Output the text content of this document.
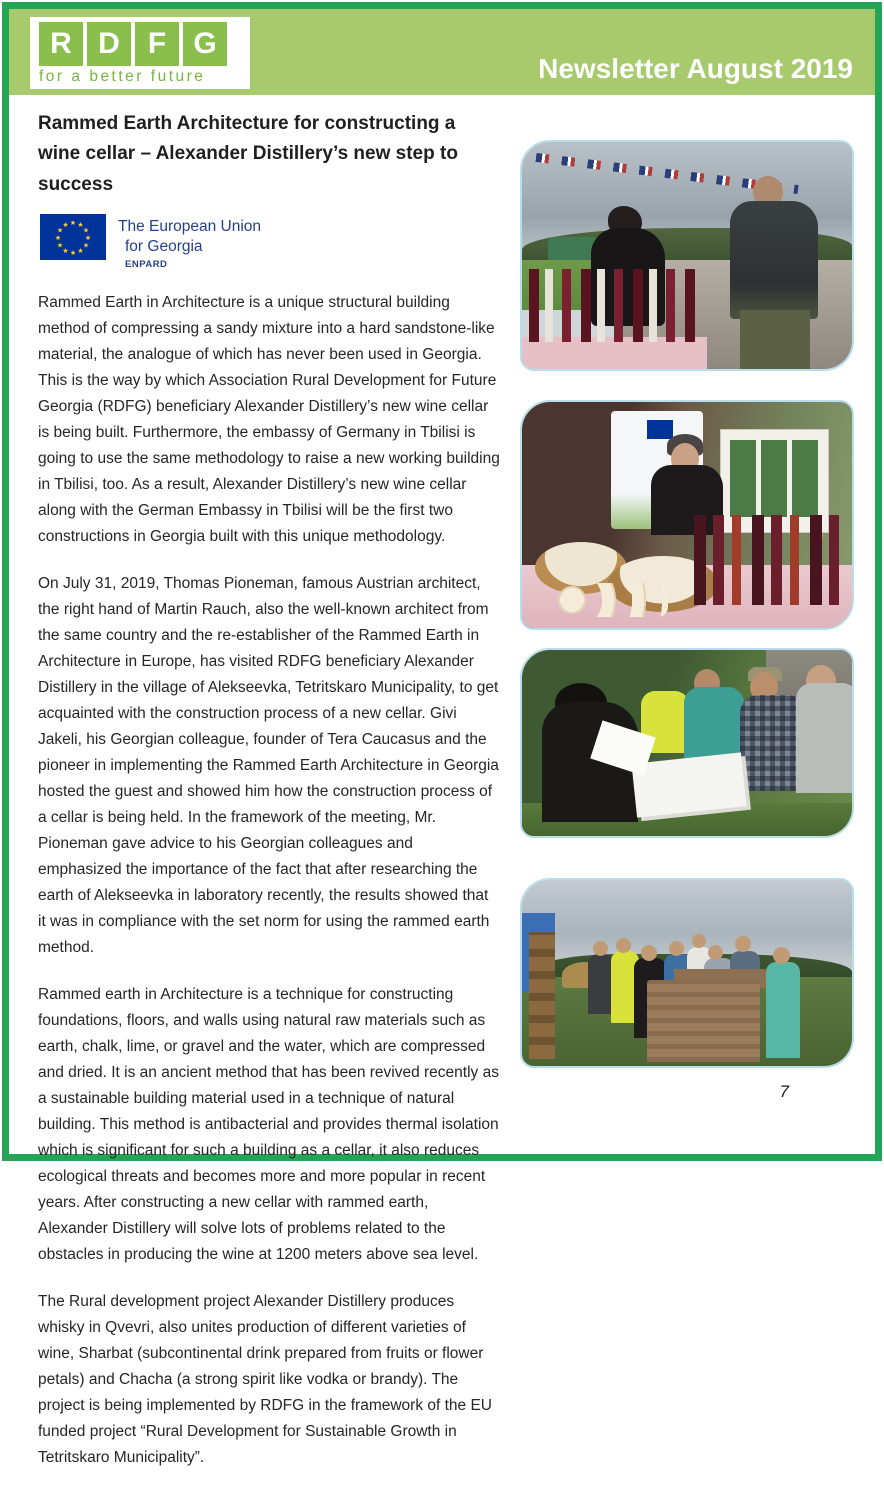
R D F G
for a better future	Newsletter August 2019
Rammed Earth Architecture for constructing a wine cellar – Alexander Distillery’s new step to success
★ ★
★
★
★
★
★
★
★
★
★
★	The European Union
for Georgia
ENPARD

Rammed Earth in Architecture is a unique structural building method of compressing a sandy mixture into a hard sandstone-like material, the analogue of which has never been used in Georgia. This is the way by which Association Rural Development for Future Georgia (RDFG) beneficiary Alexander Distillery’s new wine cellar is being built. Furthermore, the embassy of Germany in Tbilisi is going to use the same methodology to raise a new working building in Tbilisi, too. As a result, Alexander Distillery’s new wine cellar along with the German Embassy in Tbilisi will be the first two constructions in Georgia built with this unique methodology.

On July 31, 2019, Thomas Pioneman, famous Austrian architect, the right hand of Martin Rauch, also the well-known architect from the same country and the re-establisher of the Rammed Earth in Architecture in Europe, has visited RDFG beneficiary Alexander Distillery in the village of Alekseevka, Tetritskaro Municipality, to get acquainted with the construction process of a new cellar. Givi Jakeli, his Georgian colleague, founder of Tera Caucasus and the pioneer in implementing the Rammed Earth Architecture in Georgia hosted the guest and showed him how the construction process of a cellar is being held. In the framework of the meeting, Mr. Pioneman gave advice to his Georgian colleagues and emphasized the importance of the fact that after researching the earth of Alekseevka in laboratory recently, the results showed that it was in compliance with the set norm for using the rammed earth method.

Rammed earth in Architecture is a technique for constructing foundations, floors, and walls using natural raw materials such as earth, chalk, lime, or gravel and the water, which are compressed and dried. It is an ancient method that has been revived recently as a sustainable building material used in a technique of natural building. This method is antibacterial and provides thermal isolation which is significant for such a building as a cellar, it also reduces ecological threats and becomes more and more popular in recent years. After constructing a new cellar with rammed earth, Alexander Distillery will solve lots of problems related to the obstacles in producing the wine at 1200 meters above sea level.

The Rural development project Alexander Distillery produces whisky in Qvevri, also unites production of different varieties of wine, Sharbat (subcontinental drink prepared from fruits or flower petals) and Chacha (a strong spirit like vodka or brandy). The project is being implemented by RDFG in the framework of the EU funded project “Rural Development for Sustainable Growth in Tetritskaro Municipality”.

7
